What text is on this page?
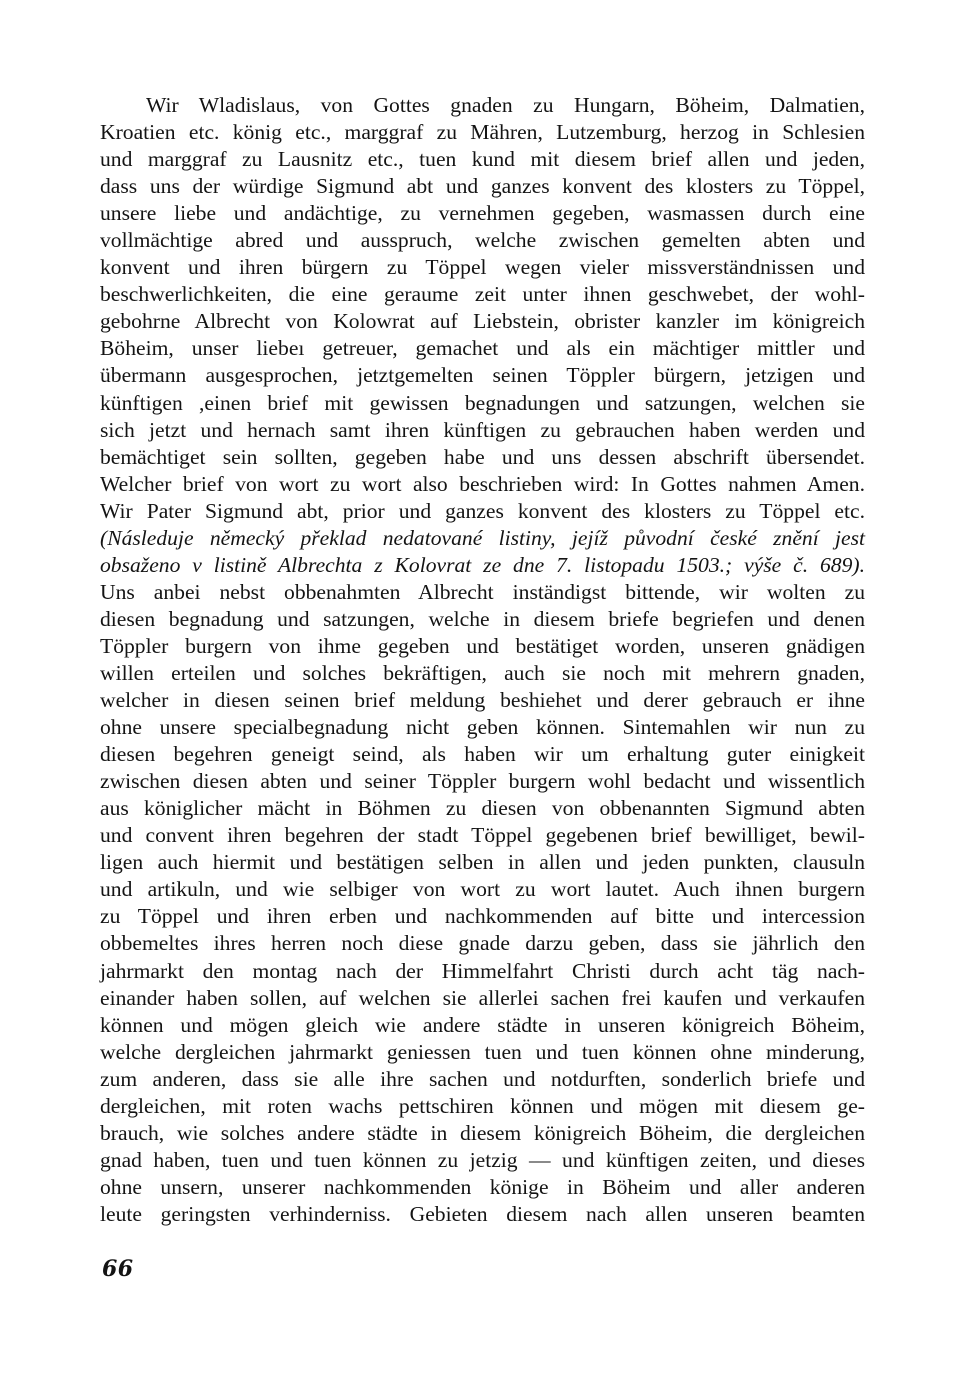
Wir Wladislaus, von Gottes gnaden zu Hungarn, Böheim, Dalmatien,
Kroatien etc. könig etc., marggraf zu Mähren, Lutzemburg, herzog in Schlesien
und marggraf zu Lausnitz etc., tuen kund mit diesem brief allen und jeden,
dass uns der würdige Sigmund abt und ganzes konvent des klosters zu Töppel,
unsere liebe und andächtige, zu vernehmen gegeben, wasmassen durch eine
vollmächtige abred und ausspruch, welche zwischen gemelten abten und
konvent und ihren bürgern zu Töppel wegen vieler missverständnissen und
beschwerlichkeiten, die eine geraume zeit unter ihnen geschwebet, der wohl-
gebohrne Albrecht von Kolowrat auf Liebstein, obrister kanzler im königreich
Böheim, unser liebeı getreuer, gemachet und als ein mächtiger mittler und
übermann ausgesprochen, jetztgemelten seinen Töppler bürgern, jetzigen und
künftigen ,einen brief mit gewissen begnadungen und satzungen, welchen sie
sich jetzt und hernach samt ihren künftigen zu gebrauchen haben werden und
bemächtiget sein sollten, gegeben habe und uns dessen abschrift übersendet.
Welcher brief von wort zu wort also beschrieben wird: In Gottes nahmen Amen.
Wir Pater Sigmund abt, prior und ganzes konvent des klosters zu Töppel etc.
(Následuje německý překlad nedatované listiny, jejíž původní české znění jest
obsaženo v listině Albrechta z Kolovrat ze dne 7. listopadu 1503.; výše č. 689).
Uns anbei nebst obbenahmten Albrecht inständigst bittende, wir wolten zu
diesen begnadung und satzungen, welche in diesem briefe begriefen und denen
Töppler burgern von ihme gegeben und bestätiget worden, unseren gnädigen
willen erteilen und solches bekräftigen, auch sie noch mit mehrern gnaden,
welcher in diesen seinen brief meldung beshiehet und derer gebrauch er ihne
ohne unsere specialbegnadung nicht geben können. Sintemahlen wir nun zu
diesen begehren geneigt seind, als haben wir um erhaltung guter einigkeit
zwischen diesen abten und seiner Töppler burgern wohl bedacht und wissentlich
aus königlicher mächt in Böhmen zu diesen von obbenannten Sigmund abten
und convent ihren begehren der stadt Töppel gegebenen brief bewilliget, bewil-
ligen auch hiermit und bestätigen selben in allen und jeden punkten, clausuln
und artikuln, und wie selbiger von wort zu wort lautet. Auch ihnen burgern
zu Töppel und ihren erben und nachkommenden auf bitte und intercession
obbemeltes ihres herren noch diese gnade darzu geben, dass sie jährlich den
jahrmarkt den montag nach der Himmelfahrt Christi durch acht täg nach-
einander haben sollen, auf welchen sie allerlei sachen frei kaufen und verkaufen
können und mögen gleich wie andere städte in unseren königreich Böheim,
welche dergleichen jahrmarkt geniessen tuen und tuen können ohne minderung,
zum anderen, dass sie alle ihre sachen und notdurften, sonderlich briefe und
dergleichen, mit roten wachs pettschiren können und mögen mit diesem ge-
brauch, wie solches andere städte in diesem königreich Böheim, die dergleichen
gnad haben, tuen und tuen können zu jetzig — und künftigen zeiten, und dieses
ohne unsern, unserer nachkommenden könige in Böheim und aller anderen
leute geringsten verhinderniss. Gebieten diesem nach allen unseren beamten
66
